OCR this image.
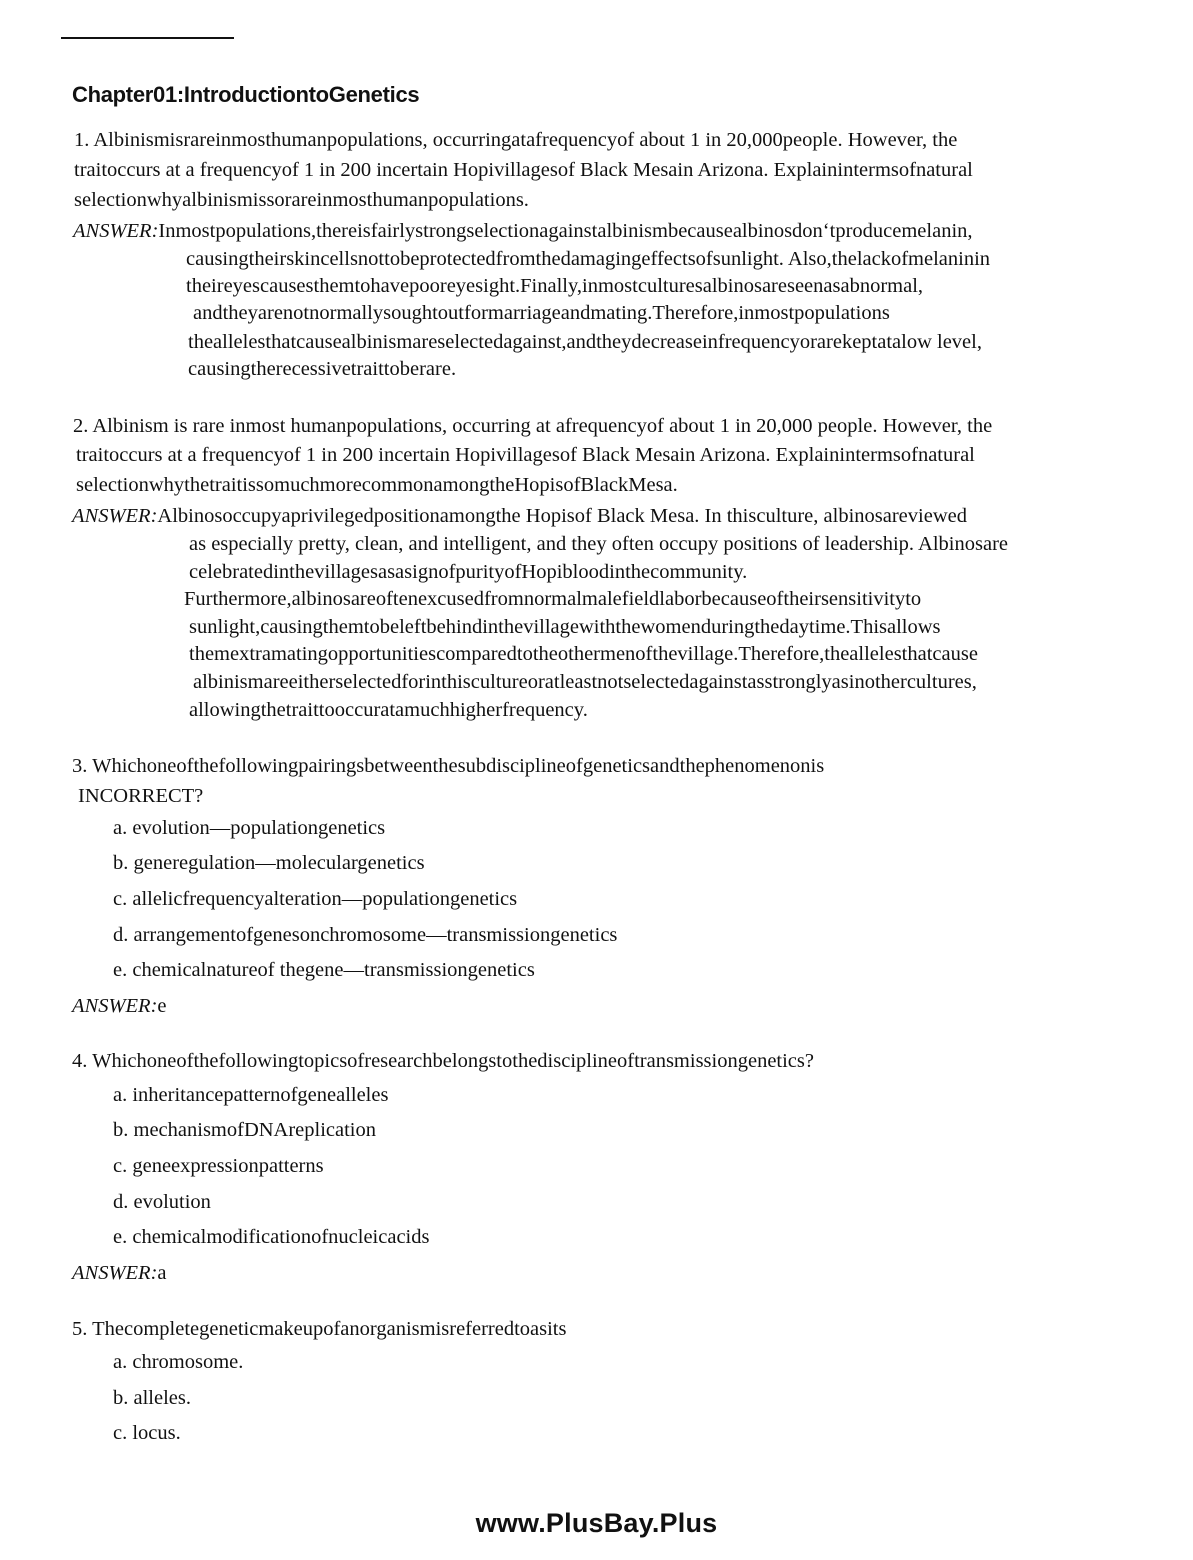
Chapter01:IntroductiontoGenetics
1. Albinismisrareinmosthumanpopulations, occurringatafrequencyof about 1 in 20,000people. However, the
traitoccurs at a frequencyof 1 in 200 incertain Hopivillagesof Black Mesain Arizona. Explainintermsofnatural
selectionwhyalbinismissorareinmosthumanpopulations.
ANSWER:Inmostpopulations,thereisfairlystrongselectionagainstalbinismbecausealbinosdon‘tproducemelanin,
causingtheirskincellsnottobeprotectedfromthedamagingeffectsofsunlight. Also,thelackofmelaninin
theireyescausesthemtohavepooreyesight.Finally,inmostculturesalbinosareseenasabnormal,
andtheyarenotnormallysoughtoutformarriageandmating.Therefore,inmostpopulations
theallelesthatcausealbinismareselectedagainst,andtheydecreaseinfrequencyorarekeptatalow level,
causingtherecessivetraittoberare.
2. Albinism is rare inmost humanpopulations, occurring at afrequencyof about 1 in 20,000 people. However, the
traitoccurs at a frequencyof 1 in 200 incertain Hopivillagesof Black Mesain Arizona. Explainintermsofnatural
selectionwhythetraitissomuchmorecommonamongtheHopisofBlackMesa.
ANSWER:Albinosoccupyaprivilegedpositionamongthe Hopisof Black Mesa. In thisculture, albinosareviewed
as especially pretty, clean, and intelligent, and they often occupy positions of leadership. Albinosare
celebratedinthevillagesasasignofpurityofHopibloodinthecommunity.
Furthermore,albinosareoftenexcusedfromnormalmalefieldlaborbecauseoftheirsensitivityto
sunlight,causingthemtobeleftbehindinthevillagewiththewomenduringthedaytime.Thisallows
themextramatingopportunitiescomparedtotheothermenofthevillage.Therefore,theallelesthatcause
albinismareeitherselectedforinthiscultureoratleastnotselectedagainstasstronglyasinothercultures,
allowingthetraittooccuratamuchhigherfrequency.
3. Whichoneofthefollowingpairingsbetweenthesubdisciplineofgeneticsandthephenomenonis
INCORRECT?
a. evolution—populationgenetics
b. generegulation—moleculargenetics
c. allelicfrequencyalteration—populationgenetics
d. arrangementofgenesonchromosome—transmissiongenetics
e. chemicalnatureof thegene—transmissiongenetics
ANSWER:e
4. Whichoneofthefollowingtopicsofresearchbelongstothedisciplineoftransmissiongenetics?
a. inheritancepatternofgenealleles
b. mechanismofDNAreplication
c. geneexpressionpatterns
d. evolution
e. chemicalmodificationofnucleicacids
ANSWER:a
5. Thecompletegeneticmakeupofanorganismisreferredtoasits
a. chromosome.
b. alleles.
c. locus.
www.PlusBay.Plus
